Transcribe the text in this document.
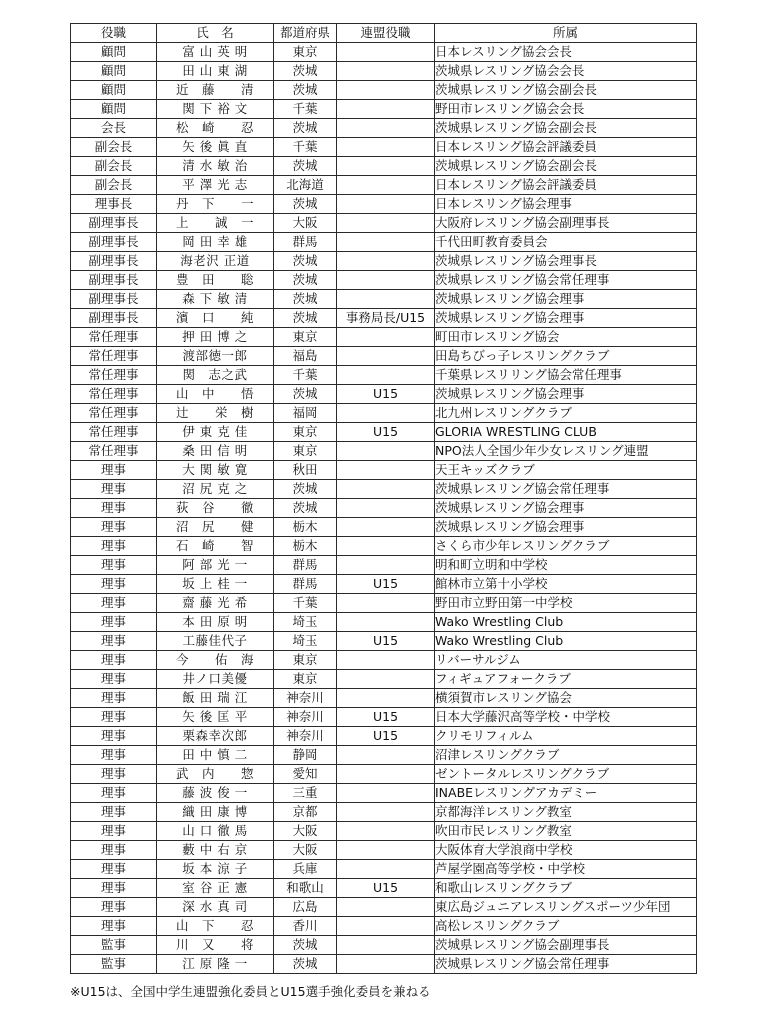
役職	氏　名	都道府県	連盟役職	所属
顧問	富 山 英 明	東京		日本レスリング協会会長
顧問	田 山 東 湖	茨城		茨城県レスリング協会会長
顧問	近　藤　　清	茨城		茨城県レスリング協会副会長
顧問	関 下 裕 文	千葉		野田市レスリング協会会長
会長	松　崎　　忍	茨城		茨城県レスリング協会副会長
副会長	矢 後 眞 直	千葉		日本レスリング協会評議委員
副会長	清 水 敏 治	茨城		茨城県レスリング協会副会長
副会長	平 澤 光 志	北海道		日本レスリング協会評議委員
理事長	丹　下　　一	茨城		日本レスリング協会理事
副理事長	上　　誠　一	大阪		大阪府レスリング協会副理事長
副理事長	岡 田 幸 雄	群馬		千代田町教育委員会
副理事長	海老沢 正道	茨城		茨城県レスリング協会理事長
副理事長	豊　田　　聡	茨城		茨城県レスリング協会常任理事
副理事長	森 下 敏 清	茨城		茨城県レスリング協会理事
副理事長	濱　口　　純	茨城	事務局長/U15	茨城県レスリング協会理事
常任理事	押 田 博 之	東京		町田市レスリング協会
常任理事	渡部徳一郎	福島		田島ちびっ子レスリングクラブ
常任理事	関　志之武	千葉		千葉県レスリリング協会常任理事
常任理事	山　中　　悟	茨城	U15	茨城県レスリング協会理事
常任理事	辻　　栄　樹	福岡		北九州レスリングクラブ
常任理事	伊 東 克 佳	東京	U15	GLORIA WRESTLING CLUB
常任理事	桑 田 信 明	東京		NPO法人全国少年少女レスリング連盟
理事	大 関 敏 寛	秋田		天王キッズクラブ
理事	沼 尻 克 之	茨城		茨城県レスリング協会常任理事
理事	荻　谷　　徹	茨城		茨城県レスリング協会理事
理事	沼　尻　　健	栃木		茨城県レスリング協会理事
理事	石　崎　　智	栃木		さくら市少年レスリングクラブ
理事	阿 部 光 一	群馬		明和町立明和中学校
理事	坂 上 桂 一	群馬	U15	館林市立第十小学校
理事	齋 藤 光 希	千葉		野田市立野田第一中学校
理事	本 田 原 明	埼玉		Wako Wrestling Club
理事	工藤佳代子	埼玉	U15	Wako Wrestling Club
理事	今　　佑　海	東京		リバーサルジム
理事	井ノ口美優	東京		フィギュアフォークラブ
理事	飯 田 瑞 江	神奈川		横須賀市レスリング協会
理事	矢 後 匡 平	神奈川	U15	日本大学藤沢高等学校・中学校
理事	栗森幸次郎	神奈川	U15	クリモリフィルム
理事	田 中 慎 二	静岡		沼津レスリングクラブ
理事	武　内　　惣	愛知		ゼントータルレスリングクラブ
理事	藤 波 俊 一	三重		INABEレスリングアカデミー
理事	織 田 康 博	京都		京都海洋レスリング教室
理事	山 口 徹 馬	大阪		吹田市民レスリング教室
理事	藪 中 右 京	大阪		大阪体育大学浪商中学校
理事	坂 本 涼 子	兵庫		芦屋学園高等学校・中学校
理事	室 谷 正 憲	和歌山	U15	和歌山レスリングクラブ
理事	深 水 真 司	広島		東広島ジュニアレスリングスポーツ少年団
理事	山　下　　忍	香川		高松レスリングクラブ
監事	川　又　　将	茨城		茨城県レスリング協会副理事長
監事	江 原 隆 一	茨城		茨城県レスリング協会常任理事
※U15は、全国中学生連盟強化委員とU15選手強化委員を兼ねる
